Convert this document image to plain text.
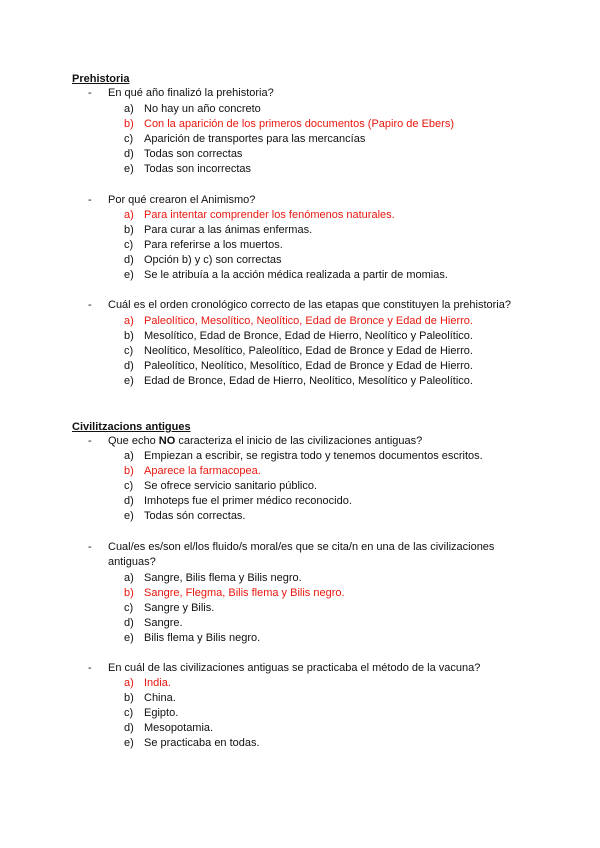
Prehistoria
- En qué año finalizó la prehistoria?
a) No hay un año concreto
b) Con la aparición de los primeros documentos (Papiro de Ebers)
c) Aparición de transportes para las mercancías
d) Todas son correctas
e) Todas son incorrectas
- Por qué crearon el Animismo?
a) Para intentar comprender los fenómenos naturales.
b) Para curar a las ánimas enfermas.
c) Para referirse a los muertos.
d) Opción b) y c) son correctas
e) Se le atribuía a la acción médica realizada a partir de momias.
- Cuál es el orden cronológico correcto de las etapas que constituyen la prehistoria?
a) Paleolítico, Mesolítico, Neolítico, Edad de Bronce y Edad de Hierro.
b) Mesolítico, Edad de Bronce, Edad de Hierro, Neolítico y Paleolítico.
c) Neolítico, Mesolítico, Paleolítico, Edad de Bronce y Edad de Hierro.
d) Paleolítico, Neolítico, Mesolítico, Edad de Bronce y Edad de Hierro.
e) Edad de Bronce, Edad de Hierro, Neolítico, Mesolítico y Paleolítico.
Civilitzacions antigues
- Que echo NO caracteriza el inicio de las civilizaciones antiguas?
a) Empiezan a escribir, se registra todo y tenemos documentos escritos.
b) Aparece la farmacopea.
c) Se ofrece servicio sanitario público.
d) Imhoteps fue el primer médico reconocido.
e) Todas són correctas.
- Cual/es es/son el/los fluido/s moral/es que se cita/n en una de las civilizaciones antiguas?
a) Sangre, Bilis flema y Bilis negro.
b) Sangre, Flegma, Bilis flema y Bilis negro.
c) Sangre y Bilis.
d) Sangre.
e) Bilis flema y Bilis negro.
- En cuál de las civilizaciones antiguas se practicaba el método de la vacuna?
a) India.
b) China.
c) Egipto.
d) Mesopotamia.
e) Se practicaba en todas.
